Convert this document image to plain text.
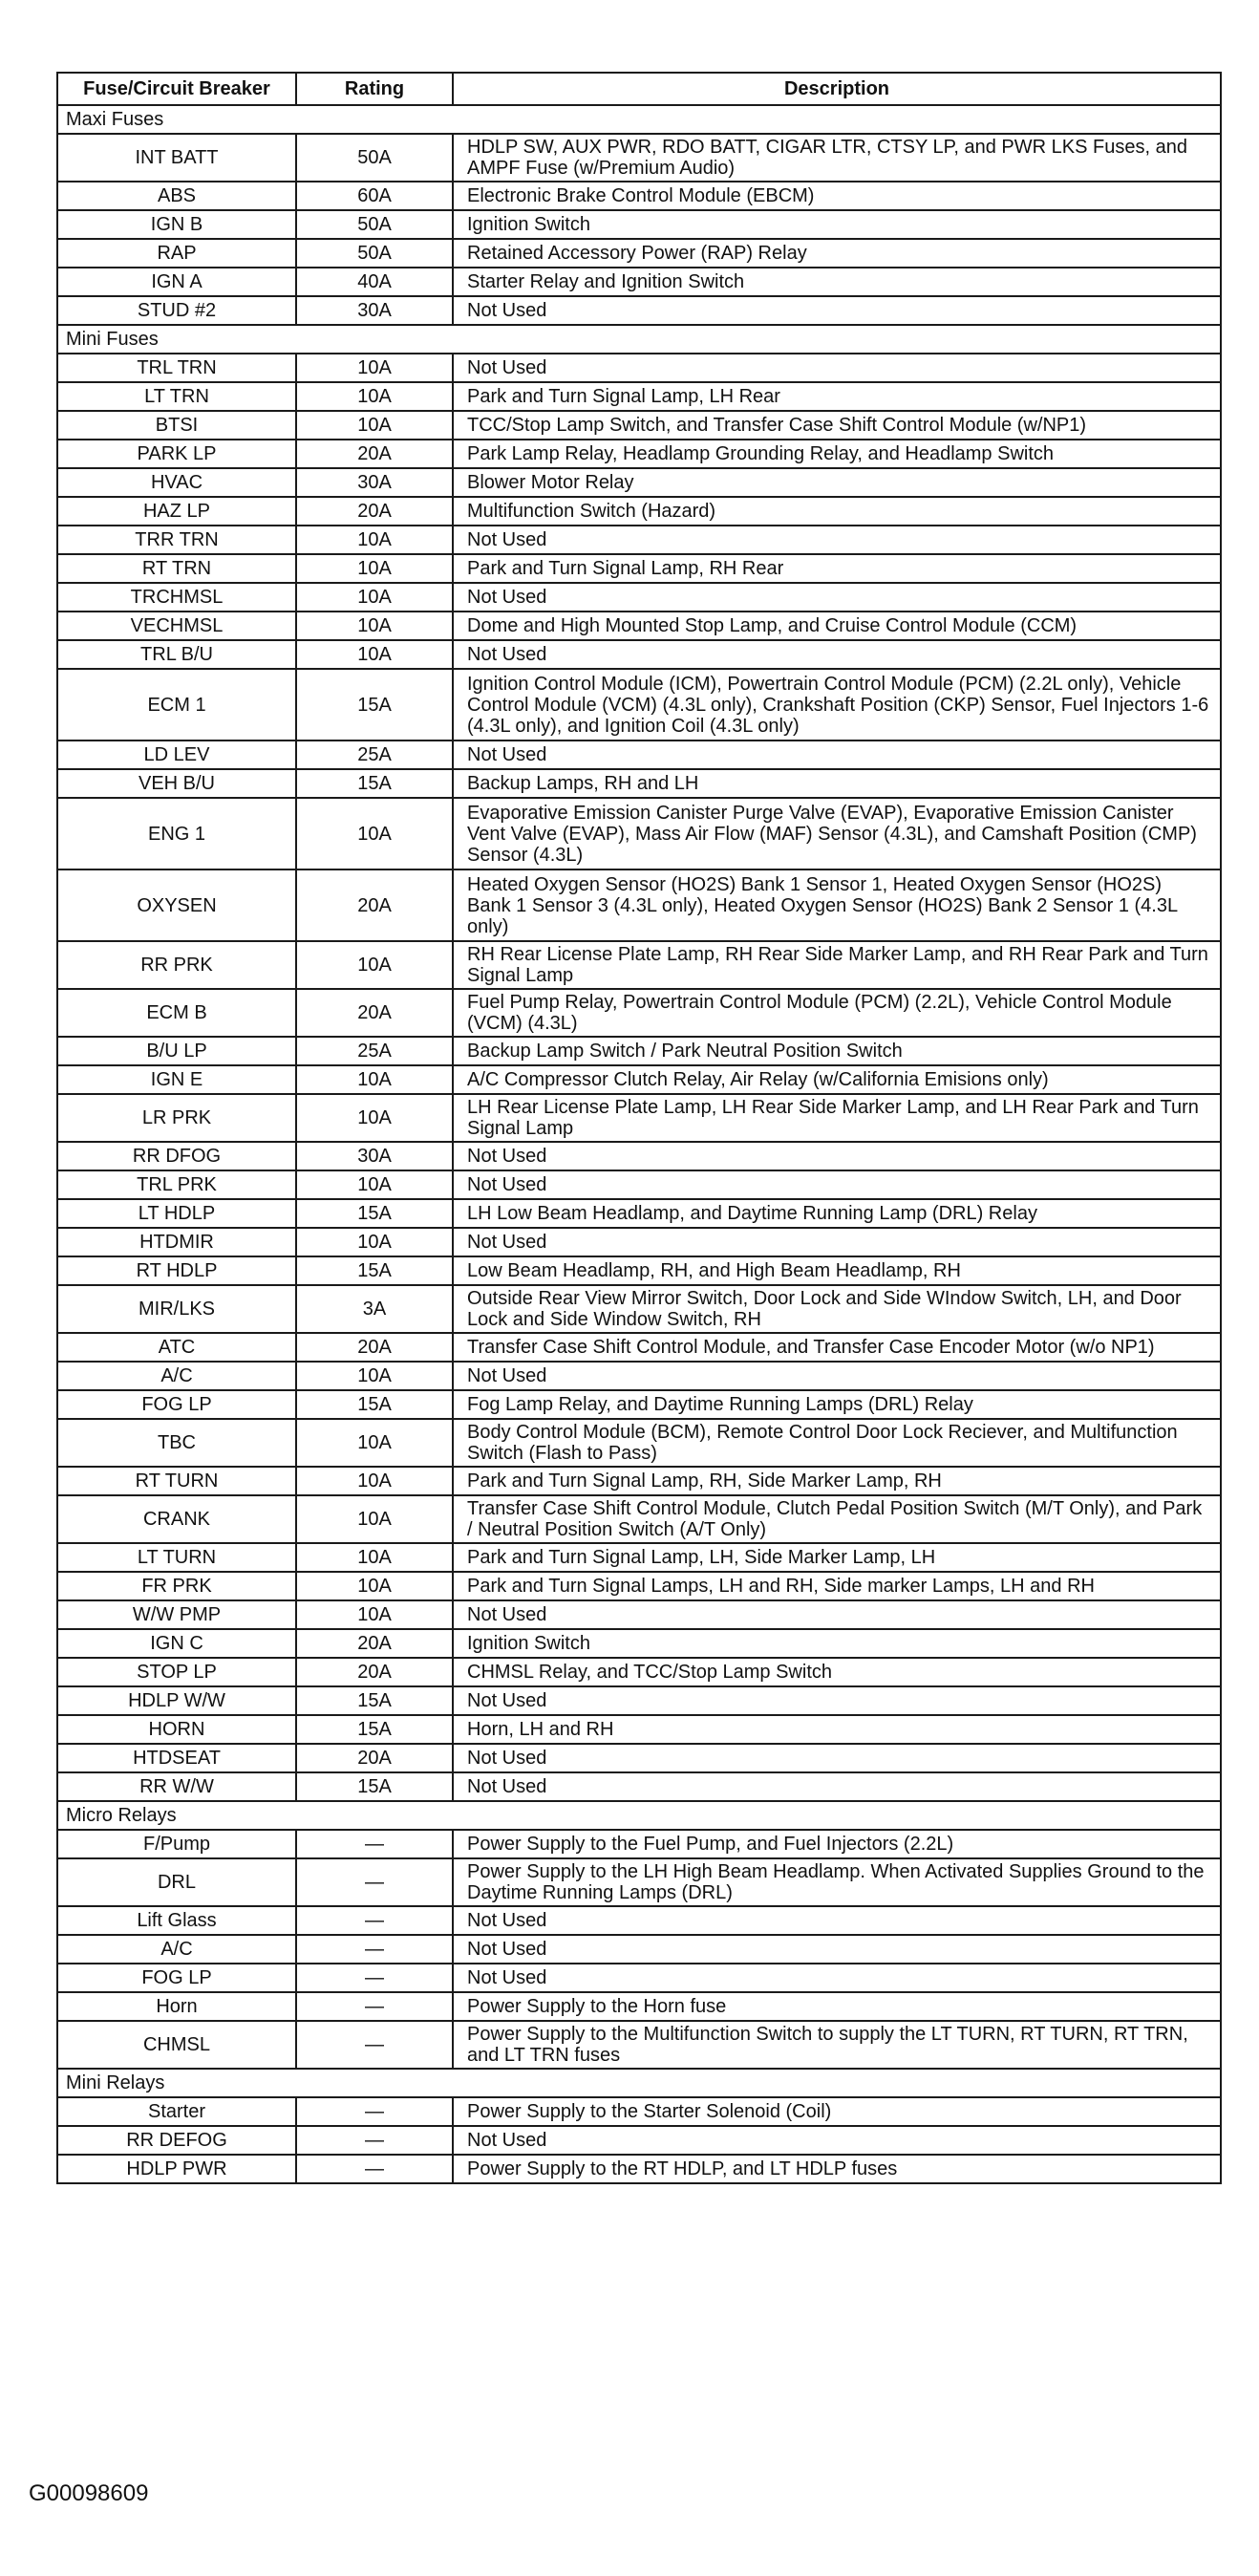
Fuse/Circuit Breaker	Rating	Description
Maxi Fuses		
INT BATT	50A	HDLP SW, AUX PWR, RDO BATT, CIGAR LTR, CTSY LP, and PWR LKS Fuses, and AMPF Fuse (w/Premium Audio)
ABS	60A	Electronic Brake Control Module (EBCM)
IGN B	50A	Ignition Switch
RAP	50A	Retained Accessory Power (RAP) Relay
IGN A	40A	Starter Relay and Ignition Switch
STUD #2	30A	Not Used
Mini Fuses		
TRL TRN	10A	Not Used
LT TRN	10A	Park and Turn Signal Lamp, LH Rear
BTSI	10A	TCC/Stop Lamp Switch, and Transfer Case Shift Control Module (w/NP1)
PARK LP	20A	Park Lamp Relay, Headlamp Grounding Relay, and Headlamp Switch
HVAC	30A	Blower Motor Relay
HAZ LP	20A	Multifunction Switch (Hazard)
TRR TRN	10A	Not Used
RT TRN	10A	Park and Turn Signal Lamp, RH Rear
TRCHMSL	10A	Not Used
VECHMSL	10A	Dome and High Mounted Stop Lamp, and Cruise Control Module (CCM)
TRL B/U	10A	Not Used
ECM 1	15A	Ignition Control Module (ICM), Powertrain Control Module (PCM) (2.2L only), Vehicle Control Module (VCM) (4.3L only), Crankshaft Position (CKP) Sensor, Fuel Injectors 1-6 (4.3L only), and Ignition Coil (4.3L only)
LD LEV	25A	Not Used
VEH B/U	15A	Backup Lamps, RH and LH
ENG 1	10A	Evaporative Emission Canister Purge Valve (EVAP), Evaporative Emission Canister Vent Valve (EVAP), Mass Air Flow (MAF) Sensor (4.3L), and Camshaft Position (CMP) Sensor (4.3L)
OXYSEN	20A	Heated Oxygen Sensor (HO2S) Bank 1 Sensor 1, Heated Oxygen Sensor (HO2S) Bank 1 Sensor 3 (4.3L only), Heated Oxygen Sensor (HO2S) Bank 2 Sensor 1 (4.3L only)
RR PRK	10A	RH Rear License Plate Lamp, RH Rear Side Marker Lamp, and RH Rear Park and Turn Signal Lamp
ECM B	20A	Fuel Pump Relay, Powertrain Control Module (PCM) (2.2L), Vehicle Control Module (VCM) (4.3L)
B/U LP	25A	Backup Lamp Switch / Park Neutral Position Switch
IGN E	10A	A/C Compressor Clutch Relay, Air Relay (w/California Emisions only)
LR PRK	10A	LH Rear License Plate Lamp, LH Rear Side Marker Lamp, and LH Rear Park and Turn Signal Lamp
RR DFOG	30A	Not Used
TRL PRK	10A	Not Used
LT HDLP	15A	LH Low Beam Headlamp, and Daytime Running Lamp (DRL) Relay
HTDMIR	10A	Not Used
RT HDLP	15A	Low Beam Headlamp, RH, and High Beam Headlamp, RH
MIR/LKS	3A	Outside Rear View Mirror Switch, Door Lock and Side WIndow Switch, LH, and Door Lock and Side Window Switch, RH
ATC	20A	Transfer Case Shift Control Module, and Transfer Case Encoder Motor (w/o NP1)
A/C	10A	Not Used
FOG LP	15A	Fog Lamp Relay, and Daytime Running Lamps (DRL) Relay
TBC	10A	Body Control Module (BCM), Remote Control Door Lock Reciever, and Multifunction Switch (Flash to Pass)
RT TURN	10A	Park and Turn Signal Lamp, RH, Side Marker Lamp, RH
CRANK	10A	Transfer Case Shift Control Module, Clutch Pedal Position Switch (M/T Only), and Park / Neutral Position Switch (A/T Only)
LT TURN	10A	Park and Turn Signal Lamp, LH, Side Marker Lamp, LH
FR PRK	10A	Park and Turn Signal Lamps, LH and RH, Side marker Lamps, LH and RH
W/W PMP	10A	Not Used
IGN C	20A	Ignition Switch
STOP LP	20A	CHMSL Relay, and TCC/Stop Lamp Switch
HDLP W/W	15A	Not Used
HORN	15A	Horn, LH and RH
HTDSEAT	20A	Not Used
RR W/W	15A	Not Used
Micro Relays		
F/Pump	—	Power Supply to the Fuel Pump, and Fuel Injectors (2.2L)
DRL	—	Power Supply to the LH High Beam Headlamp. When Activated Supplies Ground to the Daytime Running Lamps (DRL)
Lift Glass	—	Not Used
A/C	—	Not Used
FOG LP	—	Not Used
Horn	—	Power Supply to the Horn fuse
CHMSL	—	Power Supply to the Multifunction Switch to supply the LT TURN, RT TURN, RT TRN, and LT TRN fuses
Mini Relays		
Starter	—	Power Supply to the Starter Solenoid (Coil)
RR DEFOG	—	Not Used
HDLP PWR	—	Power Supply to the RT HDLP, and LT HDLP fuses
G00098609
